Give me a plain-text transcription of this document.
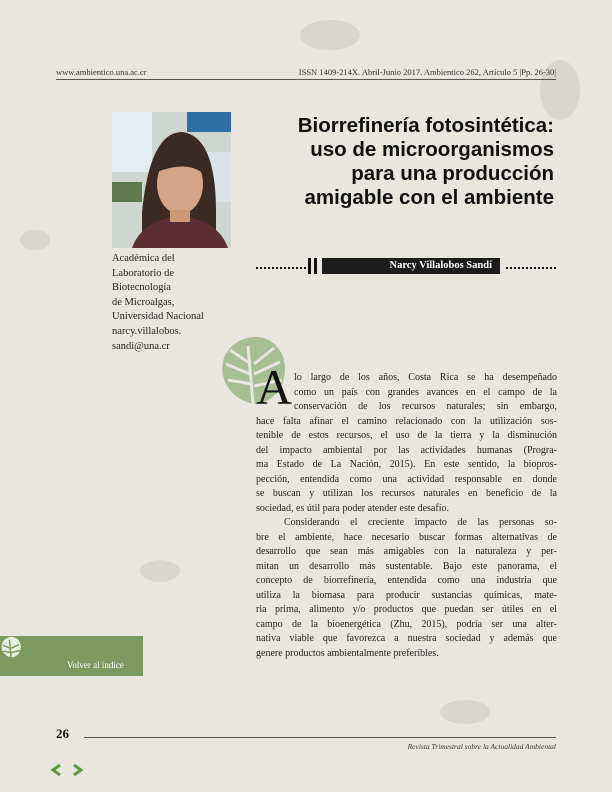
www.ambientico.una.ac.cr	ISSN 1409-214X. Abril-Junio 2017. Ambientico 262, Artículo 5 |Pp. 26-30|
Biorrefinería fotosintética:
uso de microorganismos
para una producción
amigable con el ambiente
Narcy Villalobos Sandí
Académica del
Laboratorio de
Biotecnología
de Microalgas,
Universidad Nacional
narcy.villalobos.
sandi@una.cr
A lo largo de los años, Costa Rica se ha desempeñado
como un país con grandes avances en el campo de la
conservación de los recursos naturales; sin embargo,
hace falta afinar el camino relacionado con la utilización sos-
tenible de estos recursos, el uso de la tierra y la disminución
del impacto ambiental por las actividades humanas (Progra-
ma Estado de La Nación, 2015). En este sentido, la biopros-
pección, entendida como una actividad responsable en donde
se buscan y utilizan los recursos naturales en beneficio de la
sociedad, es útil para poder atender este desafío.
Considerando el creciente impacto de las personas so-
bre el ambiente, hace necesario buscar formas alternativas de
desarrollo que sean más amigables con la naturaleza y per-
mitan un desarrollo más sustentable. Bajo este panorama, el
concepto de biorrefinería, entendida como una industria que
utiliza la biomasa para producir sustancias químicas, mate-
ria prima, alimento y/o productos que puedan ser útiles en el
campo de la bioenergética (Zhu, 2015), podría ser una alter-
nativa viable que favorezca a nuestra sociedad y además que
genere productos ambientalmente preferibles.
Volver al índice
26
Revista Trimestral sobre la Actualidad Ambiental
